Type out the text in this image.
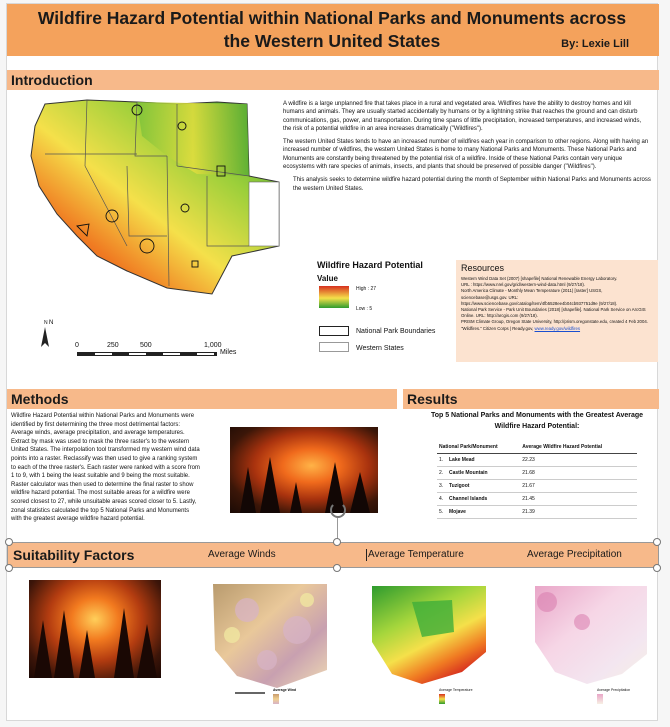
Wildfire Hazard Potential within National Parks and Monuments across the Western United States	By: Lexie Lill
Introduction
N
N
0	250	500	1,000
Miles
Wildfire Hazard Potential
Value
High : 27
Low : 5
National Park Boundaries
Western States

A wildfire is a large unplanned fire that takes place in a rural and vegetated area. Wildfires have the ability to destroy homes and kill humans and animals. They are usually started accidentally by humans or by a lightning strike that reaches the ground and can disturb communications, gas, power, and transportation. During time spans of little precipitation, increased temperatures, and increased winds, the risk of a potential wildfire in an area increases dramatically ("Wildfires").

The western United States tends to have an increased number of wildfires each year in comparison to other regions. Along with having an increased number of wildfires, the western United States is home to many National Parks and Monuments. These National Parks and Monuments are constantly being threatened by the potential risk of a wildfire. Inside of these National Parks contain very unique ecosystems with rare species of animals, insects, and plants that should be preserved of possible danger ("Wildfires").

This analysis seeks to determine wildfire hazard potential during the month of September within National Parks and Monuments across the western United States.

Resources
Western Wind Data Set (2007) [shapefile] National Renewable Energy Laboratory.
URL : https://www.nrel.gov/grid/western-wind-data.html (9/27/18).
North America Climate - Monthly Mean Temperature (2011) [raster] USGS,
sciencebase@usgs.gov. URL:
https://www.sciencebase.gov/catalog/item/4fb5528ee4b04cb937751d9e (9/27/18).
National Park Service - Park Unit Boundaries (2018) [shapefile]. National Park Service on ArcGIS Online. URL: http://arcgis.com (9/27/18).
PRISM Climate Group, Oregon State University, http://prism.oregonstate.edu, created 4 Feb 2004.
"Wildfires." Citizen Corps | Ready.gov, www.ready.gov/wildfires
Methods	Results
Wildfire Hazard Potential within National Parks and Monuments were identified by first determining the three most detrimental factors: Average winds, average precipitation, and average temperatures. Extract by mask was used to mask the three raster's to the western United States. The interpolation tool transformed my western wind data points into a raster. Reclassify was then used to give a ranking system to each of the three raster's. Each raster were ranked with a score from 1 to 9, with 1 being the least suitable and 9 being the most suitable. Raster calculator was then used to determine the final raster to show wildfire hazard potential. The most suitable areas for a wildfire were scored closest to 27, while unsuitable areas scored closer to 5. Lastly, zonal statistics calculated the top 5 National Parks and Monuments with the greatest average wildfire hazard potential.
Top 5 National Parks and Monuments with the Greatest Average Wildfire Hazard Potential:
National Park/Monument		Average Wildfire Hazard Potential
1.	Lake Mead	22.23
2.	Castle Mountain	21.68
3.	Tuzigoot	21.67
4.	Channel Islands	21.45
5.	Mojave	21.39
Suitability Factors	Average Winds	Average Temperature	Average Precipitation
Average Wind	Average Temperature	Average Precipitation
